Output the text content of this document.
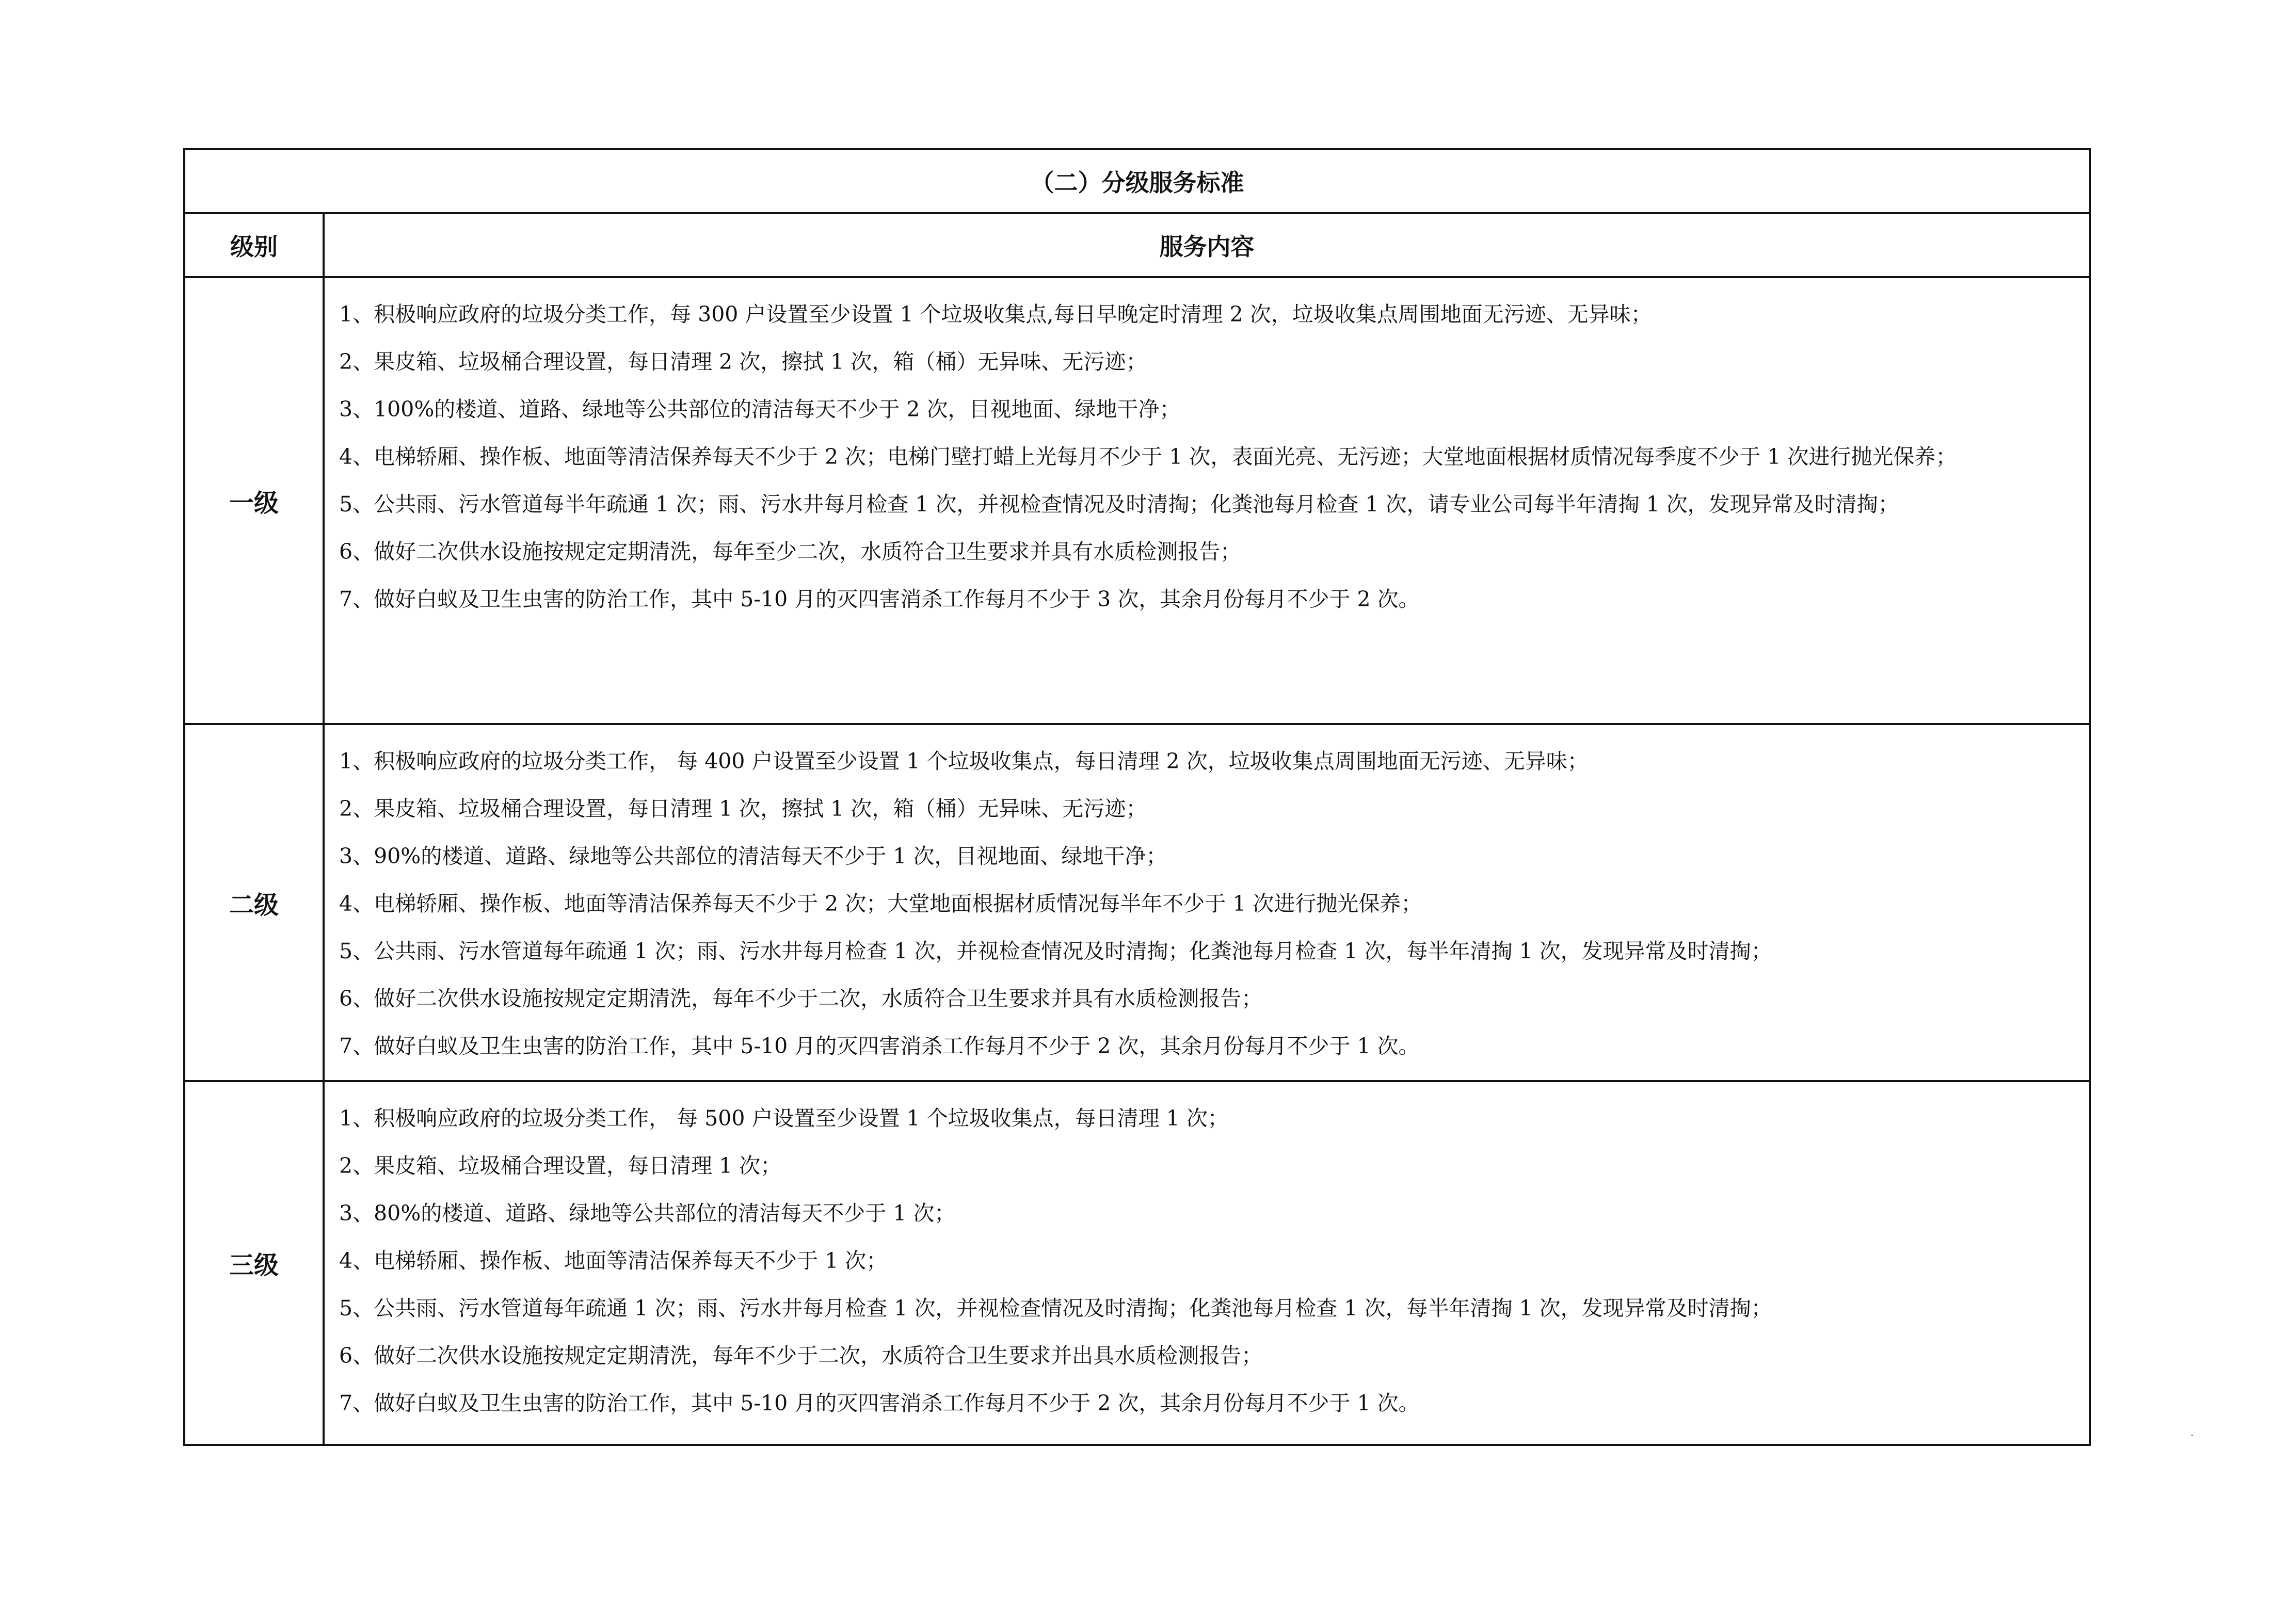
（二）分级服务标准	
级别	服务内容
一级	

1、积极响应政府的垃圾分类工作，每 300 户设置至少设置 1 个垃圾收集点,每日早晚定时清理 2 次，垃圾收集点周围地面无污迹、无异味；

2、果皮箱、垃圾桶合理设置，每日清理 2 次，擦拭 1 次，箱（桶）无异味、无污迹；

3、100%的楼道、道路、绿地等公共部位的清洁每天不少于 2 次，目视地面、绿地干净；

4、电梯轿厢、操作板、地面等清洁保养每天不少于 2 次；电梯门壁打蜡上光每月不少于 1 次，表面光亮、无污迹；大堂地面根据材质情况每季度不少于 1 次进行抛光保养；

5、公共雨、污水管道每半年疏通 1 次；雨、污水井每月检查 1 次，并视检查情况及时清掏；化粪池每月检查 1 次，请专业公司每半年清掏 1 次，发现异常及时清掏；

6、做好二次供水设施按规定定期清洗，每年至少二次，水质符合卫生要求并具有水质检测报告；

7、做好白蚁及卫生虫害的防治工作，其中 5-10 月的灭四害消杀工作每月不少于 3 次，其余月份每月不少于 2 次。

二级	

1、积极响应政府的垃圾分类工作， 每 400 户设置至少设置 1 个垃圾收集点，每日清理 2 次，垃圾收集点周围地面无污迹、无异味；

2、果皮箱、垃圾桶合理设置，每日清理 1 次，擦拭 1 次，箱（桶）无异味、无污迹；

3、90%的楼道、道路、绿地等公共部位的清洁每天不少于 1 次，目视地面、绿地干净；

4、电梯轿厢、操作板、地面等清洁保养每天不少于 2 次；大堂地面根据材质情况每半年不少于 1 次进行抛光保养；

5、公共雨、污水管道每年疏通 1 次；雨、污水井每月检查 1 次，并视检查情况及时清掏；化粪池每月检查 1 次，每半年清掏 1 次，发现异常及时清掏；

6、做好二次供水设施按规定定期清洗，每年不少于二次，水质符合卫生要求并具有水质检测报告；

7、做好白蚁及卫生虫害的防治工作，其中 5-10 月的灭四害消杀工作每月不少于 2 次，其余月份每月不少于 1 次。

三级	

1、积极响应政府的垃圾分类工作， 每 500 户设置至少设置 1 个垃圾收集点，每日清理 1 次；

2、果皮箱、垃圾桶合理设置，每日清理 1 次；

3、80%的楼道、道路、绿地等公共部位的清洁每天不少于 1 次；

4、电梯轿厢、操作板、地面等清洁保养每天不少于 1 次；

5、公共雨、污水管道每年疏通 1 次；雨、污水井每月检查 1 次，并视检查情况及时清掏；化粪池每月检查 1 次，每半年清掏 1 次，发现异常及时清掏；

6、做好二次供水设施按规定定期清洗，每年不少于二次，水质符合卫生要求并出具水质检测报告；

7、做好白蚁及卫生虫害的防治工作，其中 5-10 月的灭四害消杀工作每月不少于 2 次，其余月份每月不少于 1 次。
